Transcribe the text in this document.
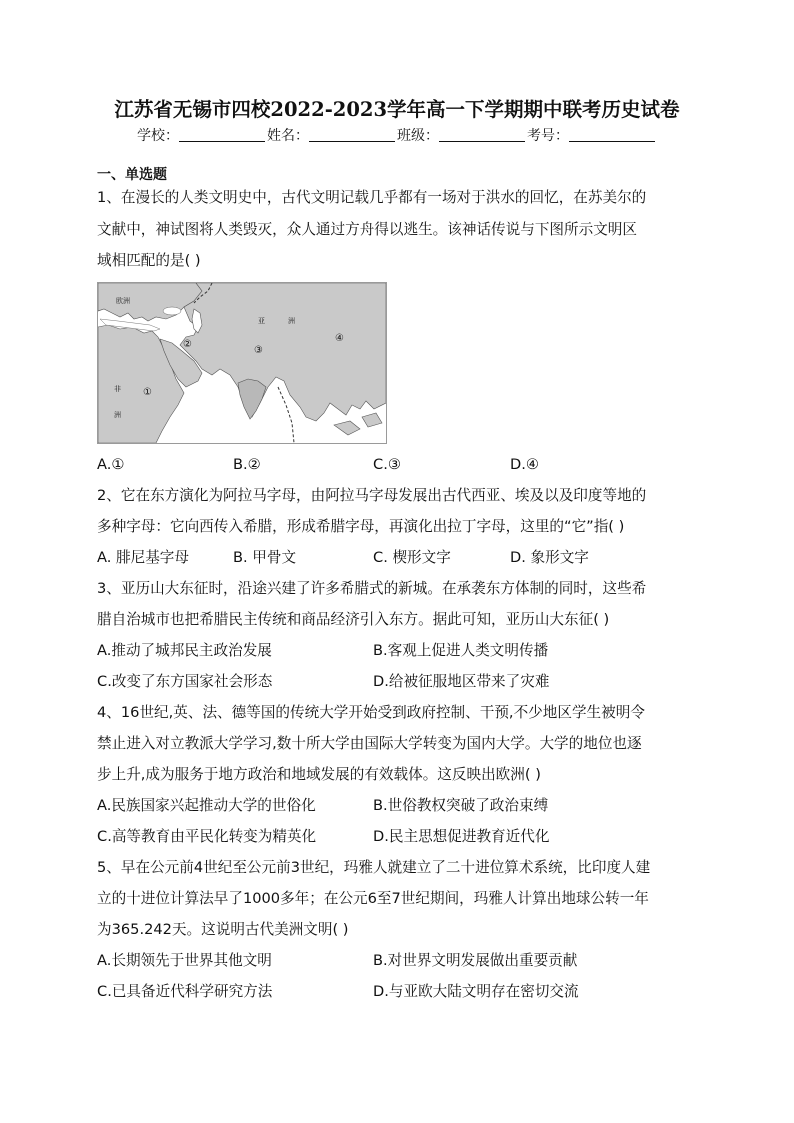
江苏省无锡市四校2022-2023学年高一下学期期中联考历史试卷
学校：	姓名：	班级：	考号：
一、单选题
1、在漫长的人类文明史中，古代文明记载几乎都有一场对于洪水的回忆，在苏美尔的
文献中，神试图将人类毁灭，众人通过方舟得以逃生。该神话传说与下图所示文明区
域相匹配的是( )
欧洲
亚	洲
非
洲
①
②
③
④
A.①	B.②	C.③	D.④
2、它在东方演化为阿拉马字母，由阿拉马字母发展出古代西亚、埃及以及印度等地的
多种字母：它向西传入希腊，形成希腊字母，再演化出拉丁字母，这里的“它”指( )
A. 腓尼基字母	B. 甲骨文	C. 楔形文字	D. 象形文字
3、亚历山大东征时，沿途兴建了许多希腊式的新城。在承袭东方体制的同时，这些希
腊自治城市也把希腊民主传统和商品经济引入东方。据此可知，亚历山大东征( )
A.推动了城邦民主政治发展	B.客观上促进人类文明传播
C.改变了东方国家社会形态	D.给被征服地区带来了灾难
4、16世纪,英、法、德等国的传统大学开始受到政府控制、干预,不少地区学生被明令
禁止进入对立教派大学学习,数十所大学由国际大学转变为国内大学。大学的地位也逐
步上升,成为服务于地方政治和地域发展的有效载体。这反映出欧洲( )
A.民族国家兴起推动大学的世俗化	B.世俗教权突破了政治束缚
C.高等教育由平民化转变为精英化	D.民主思想促进教育近代化
5、早在公元前4世纪至公元前3世纪，玛雅人就建立了二十进位算术系统，比印度人建
立的十进位计算法早了1000多年；在公元6至7世纪期间，玛雅人计算出地球公转一年
为365.242天。这说明古代美洲文明( )
A.长期领先于世界其他文明	B.对世界文明发展做出重要贡献
C.已具备近代科学研究方法	D.与亚欧大陆文明存在密切交流
